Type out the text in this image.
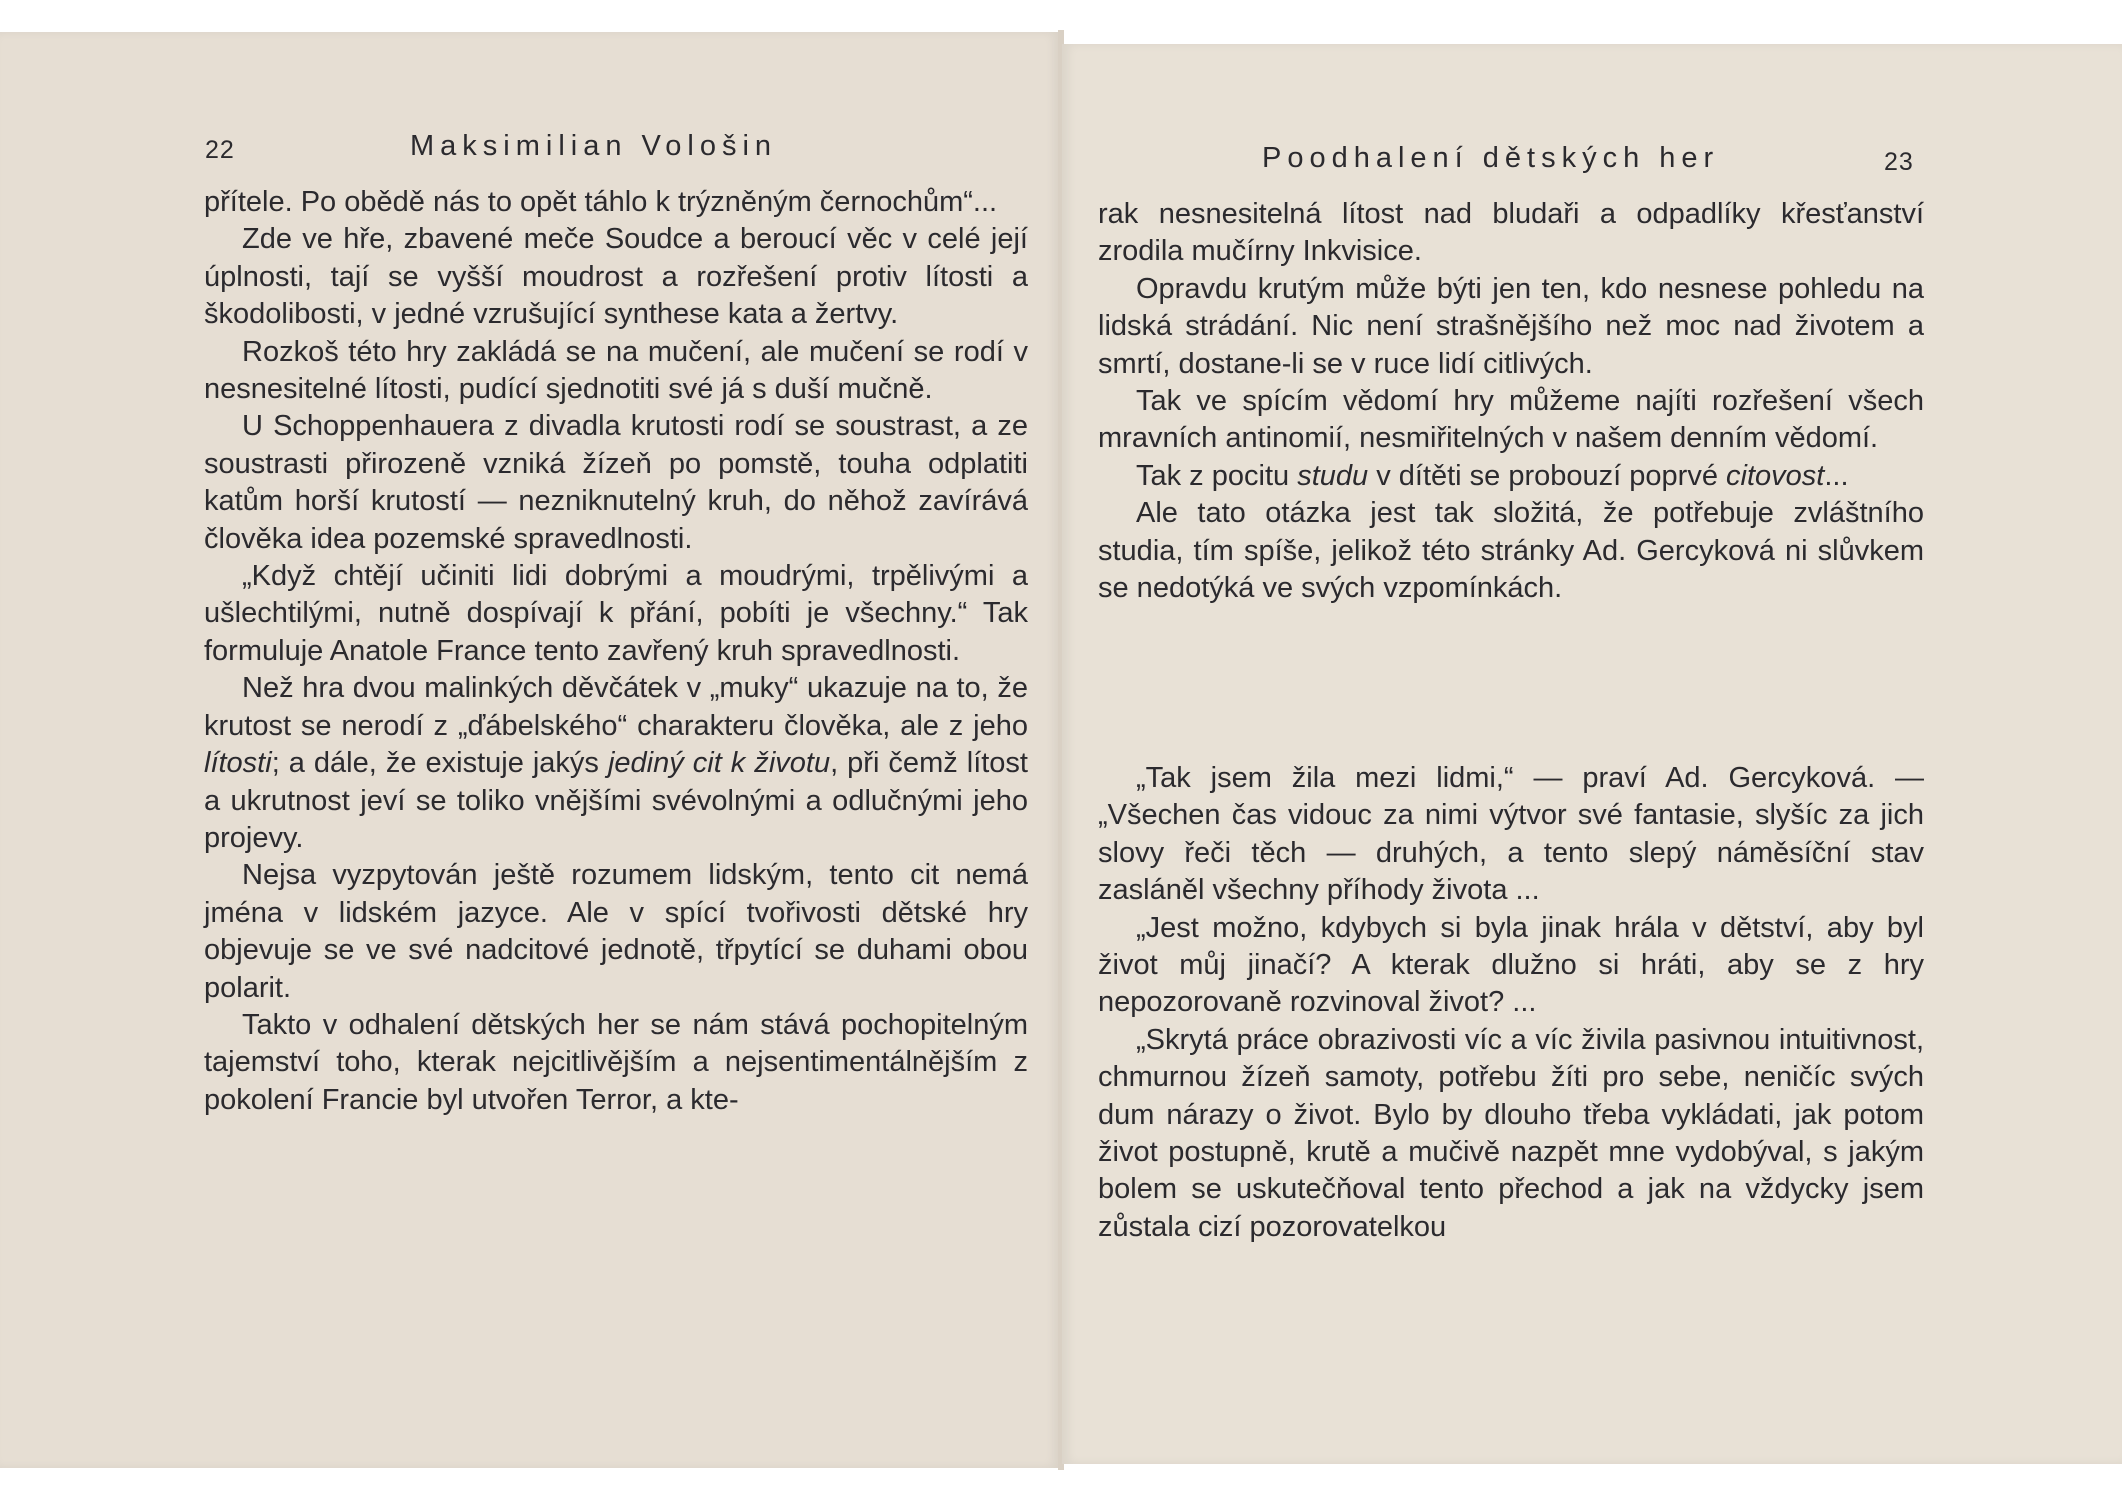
22	Maksimilian Vološin

přítele. Po obědě nás to opět táhlo k trýzněným černochům“...

Zde ve hře, zbavené meče Soudce a beroucí věc v celé její úplnosti, tají se vyšší moudrost a rozřešení protiv lítosti a škodolibosti, v jedné vzrušující synthese kata a žertvy.

Rozkoš této hry zakládá se na mučení, ale mučení se rodí v nesnesitelné lítosti, pudící sjednotiti své já s duší mučně.

U Schoppenhauera z divadla krutosti rodí se soustrast, a ze soustrasti přirozeně vzniká žízeň po pomstě, touha odplatiti katům horší krutostí — nezniknutelný kruh, do něhož zavírává člověka idea pozemské spravedlnosti.

„Když chtějí učiniti lidi dobrými a moudrými, trpělivými a ušlechtilými, nutně dospívají k přání, pobíti je všechny.“ Tak formuluje Anatole France tento zavřený kruh spravedlnosti.

Než hra dvou malinkých děvčátek v „muky“ ukazuje na to, že krutost se nerodí z „ďábelského“ charakteru člověka, ale z jeho lítosti; a dále, že existuje jakýs jediný cit k životu, při čemž lítost a ukrutnost jeví se toliko vnějšími svévolnými a odlučnými jeho projevy.

Nejsa vyzpytován ještě rozumem lidským, tento cit nemá jména v lidském jazyce. Ale v spící tvořivosti dětské hry objevuje se ve své nadcitové jednotě, třpytící se duhami obou polarit.

Takto v odhalení dětských her se nám stává pochopitelným tajemství toho, kterak nejcitlivějším a nejsentimentálnějším z pokolení Francie byl utvořen Terror, a kte-

Poodhalení dětských her	23

rak nesnesitelná lítost nad bludaři a odpadlíky křesťanství zrodila mučírny Inkvisice.

Opravdu krutým může býti jen ten, kdo nesnese pohledu na lidská strádání. Nic není strašnějšího než moc nad životem a smrtí, dostane-li se v ruce lidí citlivých.

Tak ve spícím vědomí hry můžeme najíti rozřešení všech mravních antinomií, nesmiřitelných v našem denním vědomí.

Tak z pocitu studu v dítěti se probouzí poprvé citovost...

Ale tato otázka jest tak složitá, že potřebuje zvláštního studia, tím spíše, jelikož této stránky Ad. Gercyková ni slůvkem se nedotýká ve svých vzpomínkách.

„Tak jsem žila mezi lidmi,“ — praví Ad. Gercyková. — „Všechen čas vidouc za nimi výtvor své fantasie, slyšíc za jich slovy řeči těch — druhých, a tento slepý náměsíční stav zasláněl všechny příhody života ...

„Jest možno, kdybych si byla jinak hrála v dětství, aby byl život můj jinačí? A kterak dlužno si hráti, aby se z hry nepozorovaně rozvinoval život? ...

„Skrytá práce obrazivosti víc a víc živila pasivnou intuitivnost, chmurnou žízeň samoty, potřebu žíti pro sebe, neničíc svých dum nárazy o život. Bylo by dlouho třeba vykládati, jak potom život postupně, krutě a mučivě nazpět mne vydobýval, s jakým bolem se uskutečňoval tento přechod a jak na vždycky jsem zůstala cizí pozorovatelkou
